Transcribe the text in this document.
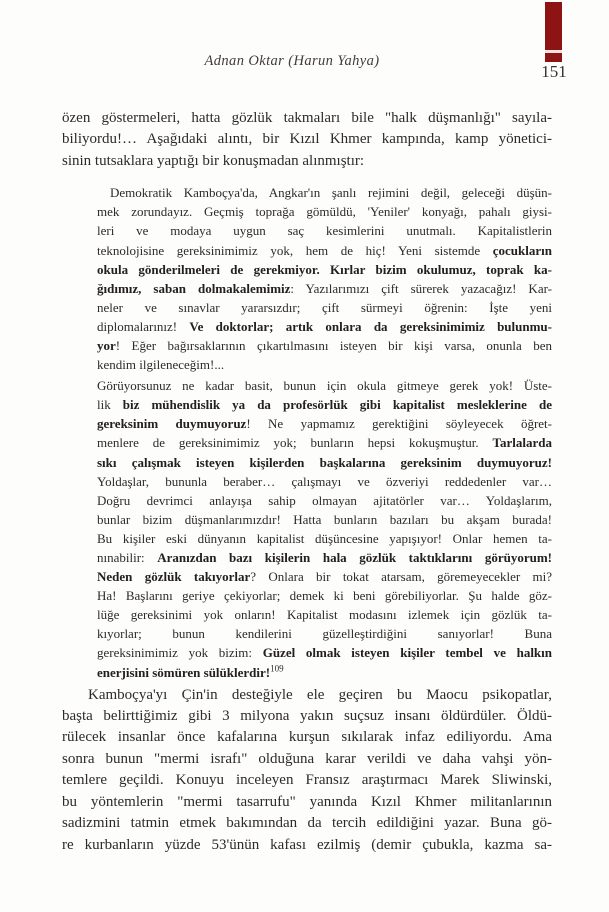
Adnan Oktar (Harun Yahya)
151
özen göstermeleri, hatta gözlük takmaları bile "halk düşmanlığı" sayıla-
biliyordu!… Aşağıdaki alıntı, bir Kızıl Khmer kampında, kamp yönetici-
sinin tutsaklara yaptığı bir konuşmadan alınmıştır:
Demokratik Kamboçya'da, Angkar'ın şanlı rejimini değil, geleceği düşün-
mek zorundayız. Geçmiş toprağa gömüldü, 'Yeniler' konyağı, pahalı giysi-
leri ve modaya uygun saç kesimlerini unutmalı. Kapitalistlerin
teknolojisine gereksinimimiz yok, hem de hiç! Yeni sistemde çocukların
okula gönderilmeleri de gerekmiyor. Kırlar bizim okulumuz, toprak ka-
ğıdımız, saban dolmakalemimiz: Yazılarımızı çift sürerek yazacağız! Kar-
neler ve sınavlar yararsızdır; çift sürmeyi öğrenin: İşte yeni
diplomalarınız! Ve doktorlar; artık onlara da gereksinimimiz bulunmu-
yor! Eğer bağırsaklarının çıkartılmasını isteyen bir kişi varsa, onunla ben
kendim ilgileneceğim!...
Görüyorsunuz ne kadar basit, bunun için okula gitmeye gerek yok! Üste-
lik biz mühendislik ya da profesörlük gibi kapitalist mesleklerine de
gereksinim duymuyoruz! Ne yapmamız gerektiğini söyleyecek öğret-
menlere de gereksinimimiz yok; bunların hepsi kokuşmuştur. Tarlalarda
sıkı çalışmak isteyen kişilerden başkalarına gereksinim duymuyoruz!
Yoldaşlar, bununla beraber… çalışmayı ve özveriyi reddedenler var…
Doğru devrimci anlayışa sahip olmayan ajitatörler var… Yoldaşlarım,
bunlar bizim düşmanlarımızdır! Hatta bunların bazıları bu akşam burada!
Bu kişiler eski dünyanın kapitalist düşüncesine yapışıyor! Onlar hemen ta-
nınabilir: Aranızdan bazı kişilerin hala gözlük taktıklarını görüyorum!
Neden gözlük takıyorlar? Onlara bir tokat atarsam, göremeyecekler mi?
Ha! Başlarını geriye çekiyorlar; demek ki beni görebiliyorlar. Şu halde göz-
lüğe gereksinimi yok onların! Kapitalist modasını izlemek için gözlük ta-
kıyorlar; bunun kendilerini güzelleştirdiğini sanıyorlar! Buna
gereksinimimiz yok bizim: Güzel olmak isteyen kişiler tembel ve halkın
enerjisini sömüren sülüklerdir!$^{109}$
Kamboçya'yı Çin'in desteğiyle ele geçiren bu Maocu psikopatlar,
başta belirttiğimiz gibi 3 milyona yakın suçsuz insanı öldürdüler. Öldü-
rülecek insanlar önce kafalarına kurşun sıkılarak infaz ediliyordu. Ama
sonra bunun "mermi israfı" olduğuna karar verildi ve daha vahşi yön-
temlere geçildi. Konuyu inceleyen Fransız araştırmacı Marek Sliwinski,
bu yöntemlerin "mermi tasarrufu" yanında Kızıl Khmer militanlarının
sadizmini tatmin etmek bakımından da tercih edildiğini yazar. Buna gö-
re kurbanların yüzde 53'ünün kafası ezilmiş (demir çubukla, kazma sa-
